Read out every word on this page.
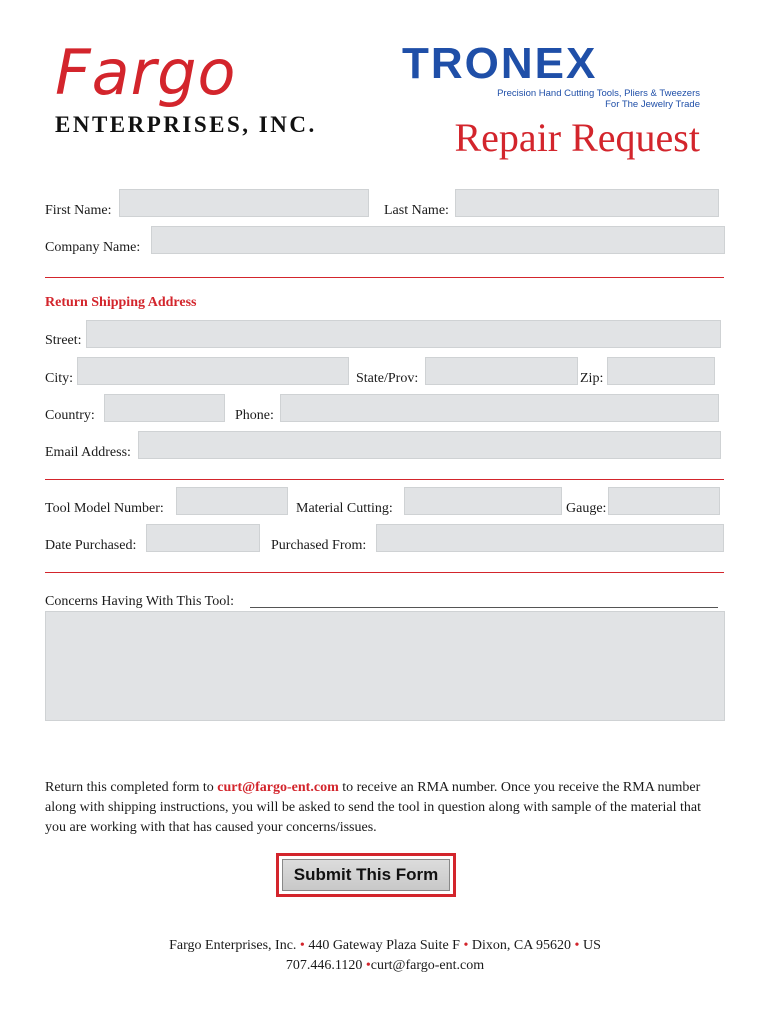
Fargo
ENTERPRISES, INC.
TRONEX
Precision Hand Cutting Tools, Pliers & Tweezers
For The Jewelry Trade
Repair Request
First Name:	Last Name:
Company Name:
Return Shipping Address
Street:
City:	State/Prov:	Zip:
Country:	Phone:
Email Address:
Tool Model Number:	Material Cutting:	Gauge:
Date Purchased:	Purchased From:
Concerns Having With This Tool:
Return this completed form to curt@fargo-ent.com to receive an RMA number. Once you receive the RMA number along with shipping instructions, you will be asked to send the tool in question along with sample of the material that you are working with that has caused your concerns/issues.
Submit This Form
Fargo Enterprises, Inc. • 440 Gateway Plaza Suite F • Dixon, CA 95620 • US
707.446.1120 •curt@fargo-ent.com
